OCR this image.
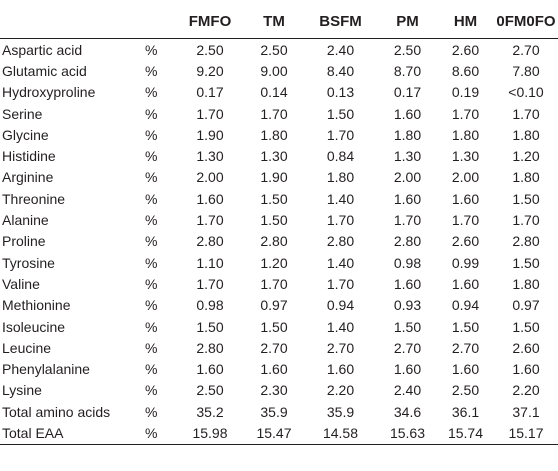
		FMFO	TM	BSFM	PM	HM	0FM0FO
Aspartic acid	%	2.50	2.50	2.40	2.50	2.60	2.70
Glutamic acid	%	9.20	9.00	8.40	8.70	8.60	7.80
Hydroxyproline	%	0.17	0.14	0.13	0.17	0.19	<0.10
Serine	%	1.70	1.70	1.50	1.60	1.70	1.70
Glycine	%	1.90	1.80	1.70	1.80	1.80	1.80
Histidine	%	1.30	1.30	0.84	1.30	1.30	1.20
Arginine	%	2.00	1.90	1.80	2.00	2.00	1.80
Threonine	%	1.60	1.50	1.40	1.60	1.60	1.50
Alanine	%	1.70	1.50	1.70	1.70	1.70	1.70
Proline	%	2.80	2.80	2.80	2.80	2.60	2.80
Tyrosine	%	1.10	1.20	1.40	0.98	0.99	1.50
Valine	%	1.70	1.70	1.70	1.60	1.60	1.80
Methionine	%	0.98	0.97	0.94	0.93	0.94	0.97
Isoleucine	%	1.50	1.50	1.40	1.50	1.50	1.50
Leucine	%	2.80	2.70	2.70	2.70	2.70	2.60
Phenylalanine	%	1.60	1.60	1.60	1.60	1.60	1.60
Lysine	%	2.50	2.30	2.20	2.40	2.50	2.20
Total amino acids	%	35.2	35.9	35.9	34.6	36.1	37.1
Total EAA	%	15.98	15.47	14.58	15.63	15.74	15.17
